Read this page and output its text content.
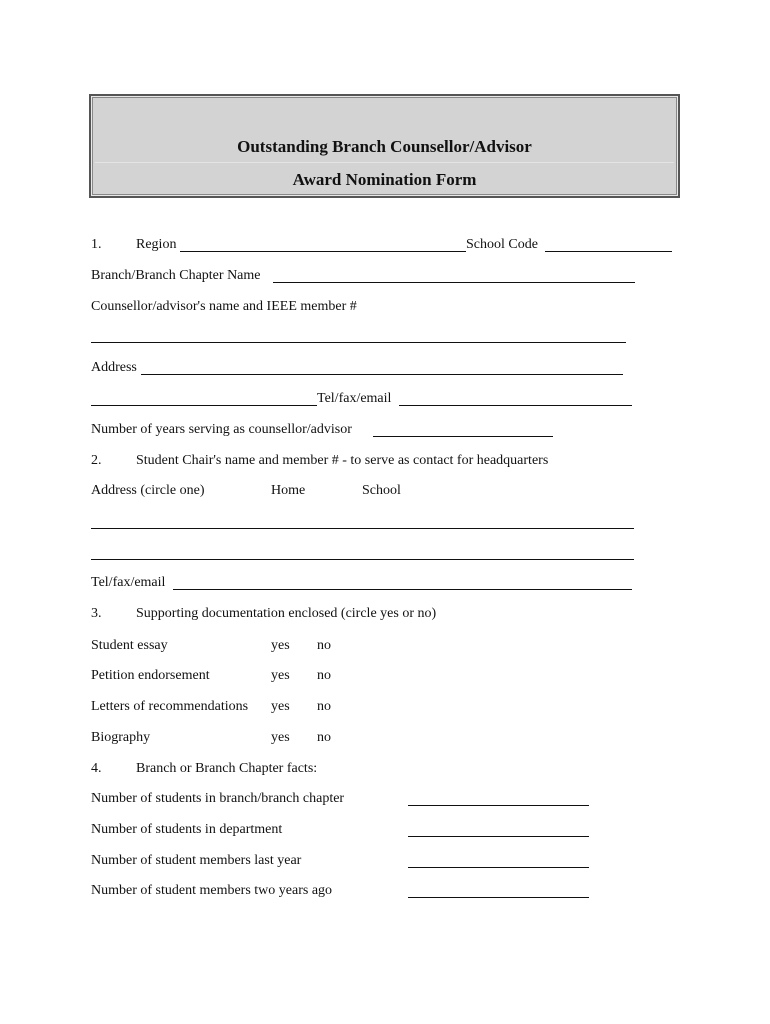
Outstanding Branch Counsellor/Advisor
Award Nomination Form
1. Region	School Code
Branch/Branch Chapter Name
Counsellor/advisor's name and IEEE member #
Address
Tel/fax/email
Number of years serving as counsellor/advisor
2. Student Chair's name and member # - to serve as contact for headquarters
Address (circle one)	Home	School
Tel/fax/email
3. Supporting documentation enclosed (circle yes or no)
Student essay	yes no
Petition endorsement	yes no
Letters of recommendations yes no
Biography	yes no
4. Branch or Branch Chapter facts:
Number of students in branch/branch chapter
Number of students in department
Number of student members last year
Number of student members two years ago
